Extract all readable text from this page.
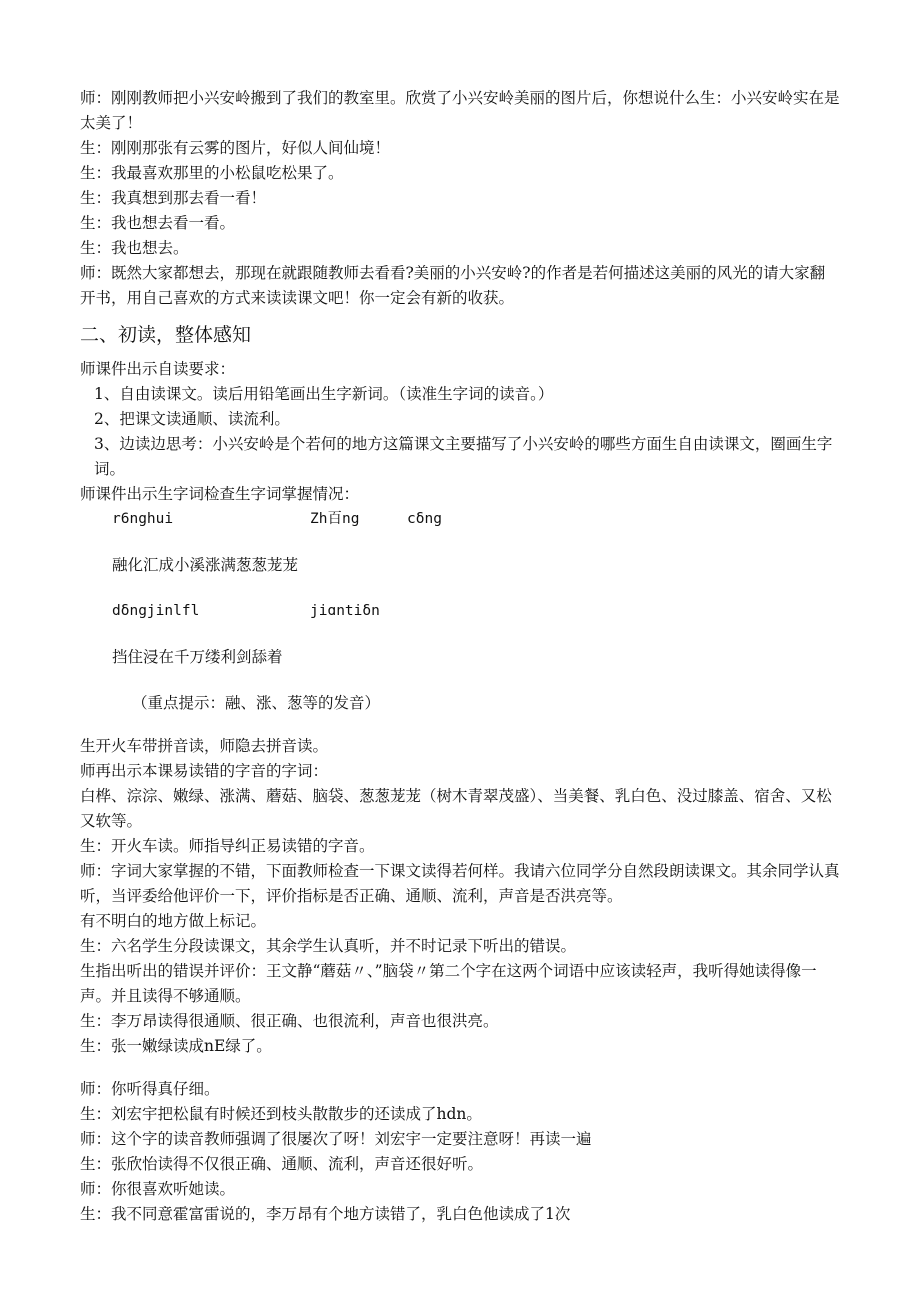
师：刚刚教师把小兴安岭搬到了我们的教室里。欣赏了小兴安岭美丽的图片后，你想说什么生：小兴安岭实在是太美了！

生：刚刚那张有云雾的图片，好似人间仙境！

生：我最喜欢那里的小松鼠吃松果了。

生：我真想到那去看一看！

生：我也想去看一看。

生：我也想去。

师：既然大家都想去，那现在就跟随教师去看看?美丽的小兴安岭?的作者是若何描述这美丽的风光的请大家翻开书，用自己喜欢的方式来读读课文吧！你一定会有新的收获。

二、初读，整体感知

师课件出示自读要求：

1、自由读课文。读后用铅笔画出生字新词。（读准生字词的读音。）

2、把课文读通顺、读流利。

3、边读边思考：小兴安岭是个若何的地方这篇课文主要描写了小兴安岭的哪些方面生自由读课文，圈画生字词。

师课件出示生字词检查生字词掌握情况：

r6nghui	Zh百ng	cδng
融化汇成小溪涨满葱葱茏茏
dδngjinlfl	jiɑntiδn
挡住浸在千万缕利剑舔着
（重点提示：融、涨、葱等的发音）

生开火车带拼音读，师隐去拼音读。

师再出示本课易读错的字音的字词：

白桦、淙淙、嫩绿、涨满、蘑菇、脑袋、葱葱茏茏（树木青翠茂盛）、当美餐、乳白色、没过膝盖、宿舍、又松又软等。

生：开火车读。师指导纠正易读错的字音。

师：字词大家掌握的不错，下面教师检查一下课文读得若何样。我请六位同学分自然段朗读课文。其余同学认真听，当评委给他评价一下，评价指标是否正确、通顺、流利，声音是否洪亮等。

有不明白的地方做上标记。

生：六名学生分段读课文，其余学生认真听，并不时记录下听出的错误。

生指出听出的错误并评价：王文静“蘑菇〃、”脑袋〃第二个字在这两个词语中应该读轻声，我听得她读得像一声。并且读得不够通顺。

生：李万昂读得很通顺、很正确、也很流利，声音也很洪亮。

生：张一嫩绿读成nE绿了。

师：你听得真仔细。

生：刘宏宇把松鼠有时候还到枝头散散步的还读成了hdn。

师：这个字的读音教师强调了很屡次了呀！刘宏宇一定要注意呀！再读一遍

生：张欣怡读得不仅很正确、通顺、流利，声音还很好听。

师：你很喜欢听她读。

生：我不同意霍富雷说的，李万昂有个地方读错了，乳白色他读成了1次
